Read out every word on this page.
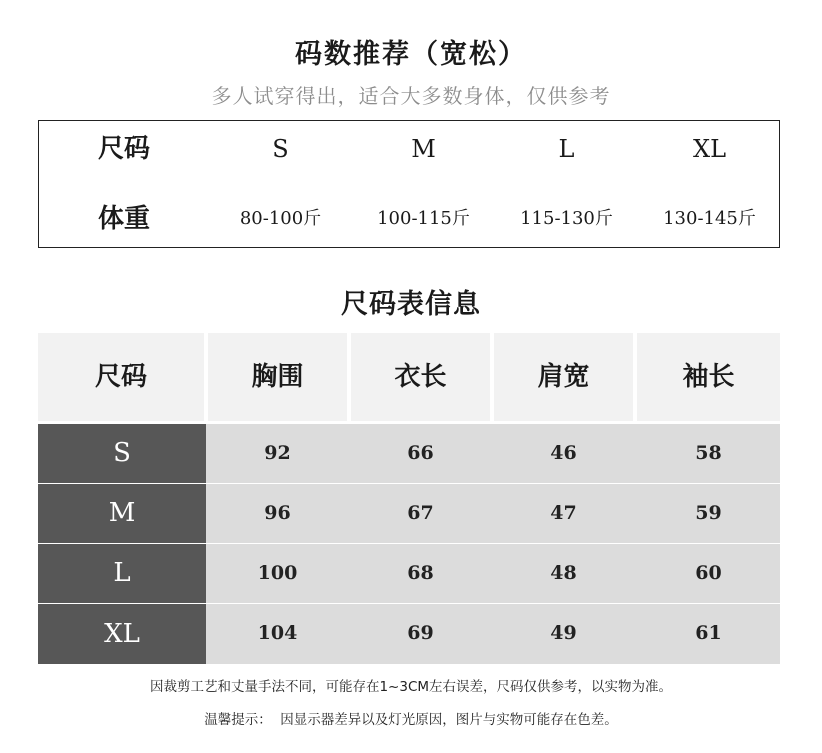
码数推荐（宽松）
多人试穿得出，适合大多数身体，仅供参考
尺码	S	M	L	XL
体重	80-100斤	100-115斤	115-130斤	130-145斤
尺码表信息
尺码	胸围	衣长	肩宽	袖长
S	92	66	46	58
M	96	67	47	59
L	100	68	48	60
XL	104	69	49	61
因裁剪工艺和丈量手法不同，可能存在1~3CM左右误差，尺码仅供参考，以实物为准。
温馨提示：  因显示器差异以及灯光原因，图片与实物可能存在色差。
